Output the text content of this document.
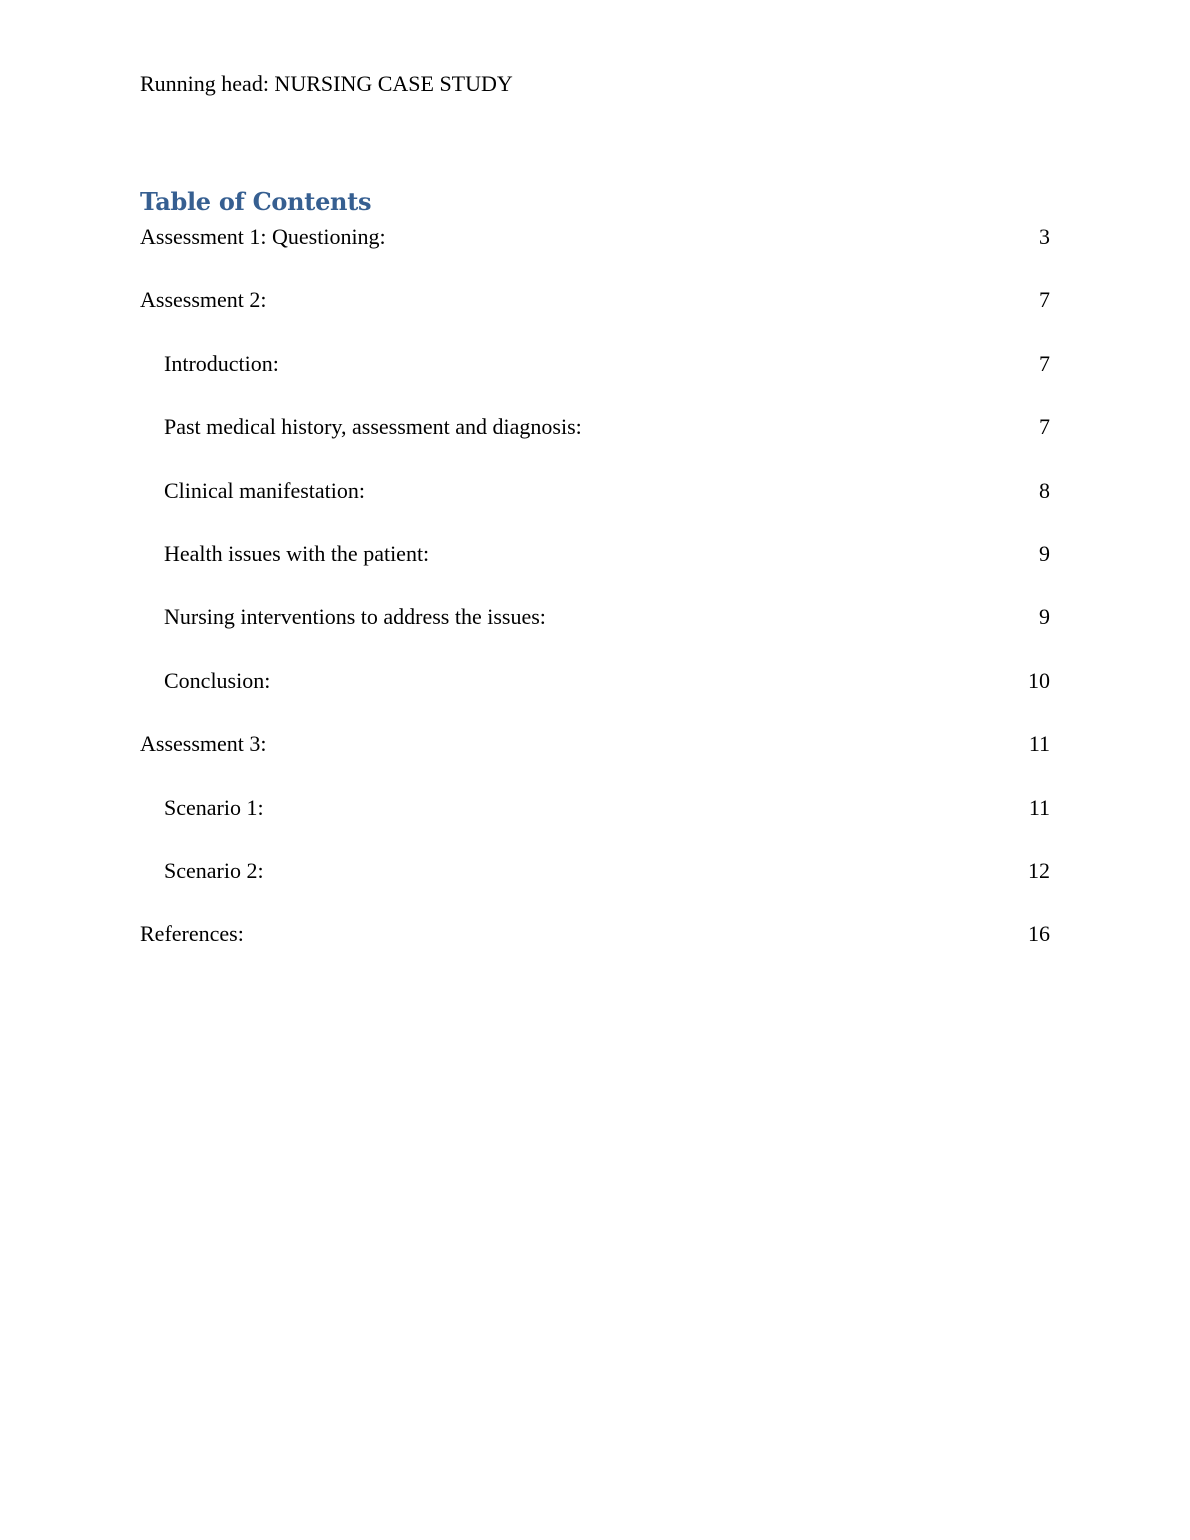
Running head: NURSING CASE STUDY
Table of Contents
Assessment 1: Questioning:	3
Assessment 2:	7
Introduction:	7
Past medical history, assessment and diagnosis:	7
Clinical manifestation:	8
Health issues with the patient:	9
Nursing interventions to address the issues:	9
Conclusion:	10
Assessment 3:	11
Scenario 1:	11
Scenario 2:	12
References:	16
